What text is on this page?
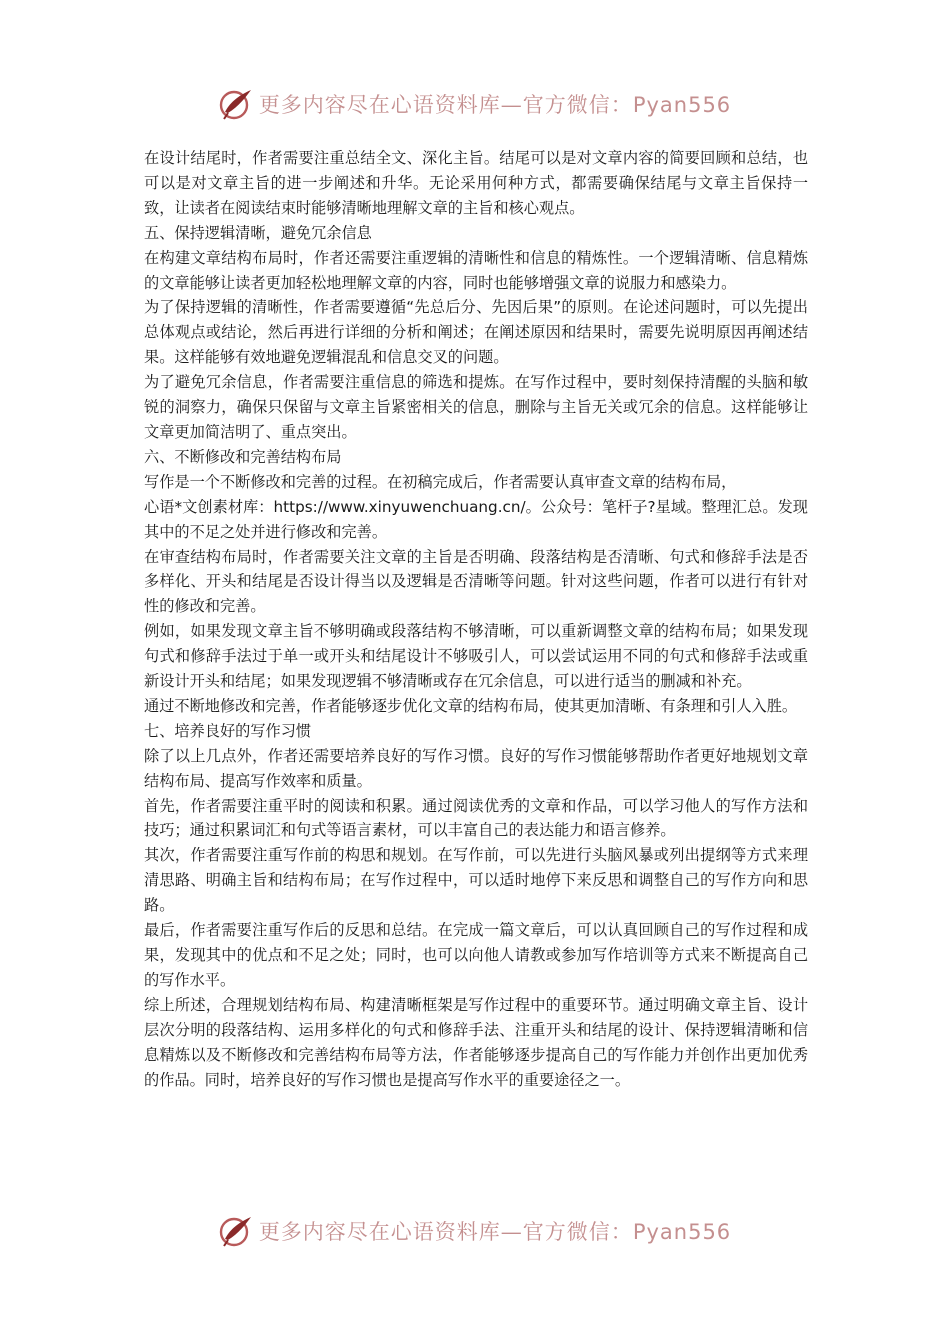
更多内容尽在心语资料库—官方微信：Pyan556

在设计结尾时，作者需要注重总结全文、深化主旨。结尾可以是对文章内容的简要回顾和总结，也可以是对文章主旨的进一步阐述和升华。无论采用何种方式，都需要确保结尾与文章主旨保持一致，让读者在阅读结束时能够清晰地理解文章的主旨和核心观点。

五、保持逻辑清晰，避免冗余信息

在构建文章结构布局时，作者还需要注重逻辑的清晰性和信息的精炼性。一个逻辑清晰、信息精炼的文章能够让读者更加轻松地理解文章的内容，同时也能够增强文章的说服力和感染力。

为了保持逻辑的清晰性，作者需要遵循“先总后分、先因后果”的原则。在论述问题时，可以先提出总体观点或结论，然后再进行详细的分析和阐述；在阐述原因和结果时，需要先说明原因再阐述结果。这样能够有效地避免逻辑混乱和信息交叉的问题。

为了避免冗余信息，作者需要注重信息的筛选和提炼。在写作过程中，要时刻保持清醒的头脑和敏锐的洞察力，确保只保留与文章主旨紧密相关的信息，删除与主旨无关或冗余的信息。这样能够让文章更加简洁明了、重点突出。

六、不断修改和完善结构布局

写作是一个不断修改和完善的过程。在初稿完成后，作者需要认真审查文章的结构布局，

心语*文创素材库：https://www.xinyuwenchuang.cn/。公众号：笔杆子?星域。整理汇总。发现其中的不足之处并进行修改和完善。

在审查结构布局时，作者需要关注文章的主旨是否明确、段落结构是否清晰、句式和修辞手法是否多样化、开头和结尾是否设计得当以及逻辑是否清晰等问题。针对这些问题，作者可以进行有针对性的修改和完善。

例如，如果发现文章主旨不够明确或段落结构不够清晰，可以重新调整文章的结构布局；如果发现句式和修辞手法过于单一或开头和结尾设计不够吸引人，可以尝试运用不同的句式和修辞手法或重新设计开头和结尾；如果发现逻辑不够清晰或存在冗余信息，可以进行适当的删减和补充。

通过不断地修改和完善，作者能够逐步优化文章的结构布局，使其更加清晰、有条理和引人入胜。

七、培养良好的写作习惯

除了以上几点外，作者还需要培养良好的写作习惯。良好的写作习惯能够帮助作者更好地规划文章结构布局、提高写作效率和质量。

首先，作者需要注重平时的阅读和积累。通过阅读优秀的文章和作品，可以学习他人的写作方法和技巧；通过积累词汇和句式等语言素材，可以丰富自己的表达能力和语言修养。

其次，作者需要注重写作前的构思和规划。在写作前，可以先进行头脑风暴或列出提纲等方式来理清思路、明确主旨和结构布局；在写作过程中，可以适时地停下来反思和调整自己的写作方向和思路。

最后，作者需要注重写作后的反思和总结。在完成一篇文章后，可以认真回顾自己的写作过程和成果，发现其中的优点和不足之处；同时，也可以向他人请教或参加写作培训等方式来不断提高自己的写作水平。

综上所述，合理规划结构布局、构建清晰框架是写作过程中的重要环节。通过明确文章主旨、设计层次分明的段落结构、运用多样化的句式和修辞手法、注重开头和结尾的设计、保持逻辑清晰和信息精炼以及不断修改和完善结构布局等方法，作者能够逐步提高自己的写作能力并创作出更加优秀的作品。同时，培养良好的写作习惯也是提高写作水平的重要途径之一。

更多内容尽在心语资料库—官方微信：Pyan556
